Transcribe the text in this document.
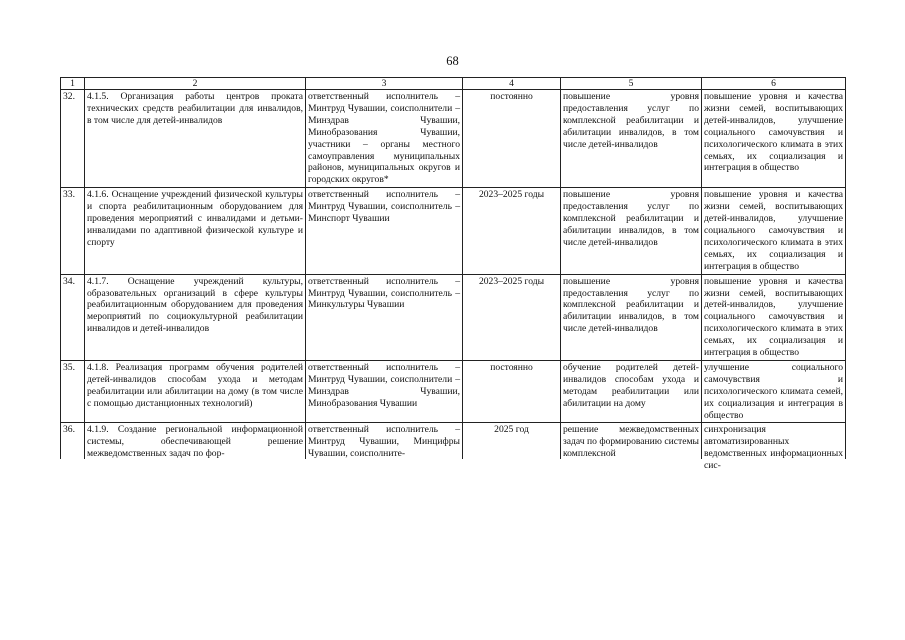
68
1	2	3	4	5	6
32.	4.1.5. Организация работы центров проката технических средств реабилитации для инвалидов, в том числе для детей-инвалидов	ответственный исполнитель – Минтруд Чувашии, соисполнители – Минздрав Чувашии, Минобразования Чувашии, участники – органы местного самоуправления муниципальных районов, муниципальных округов и городских округов*	постоянно	повышение уровня предоставления услуг по комплексной реабилитации и абилитации инвалидов, в том числе детей-инвалидов	повышение уровня и качества жизни семей, воспитывающих детей-инвалидов, улучшение социального самочувствия и психологического климата в этих семьях, их социализация и интеграция в общество
33.	4.1.6. Оснащение учреждений физической культуры и спорта реабилитационным оборудованием для проведения мероприятий с инвалидами и детьми-инвалидами по адаптивной физической культуре и спорту	ответственный исполнитель – Минтруд Чувашии, соисполнитель – Минспорт Чувашии	2023–2025 годы	повышение уровня предоставления услуг по комплексной реабилитации и абилитации инвалидов, в том числе детей-инвалидов	повышение уровня и качества жизни семей, воспитывающих детей-инвалидов, улучшение социального самочувствия и психологического климата в этих семьях, их социализация и интеграция в общество
34.	4.1.7. Оснащение учреждений культуры, образовательных организаций в сфере культуры реабилитационным оборудованием для проведения мероприятий по социокультурной реабилитации инвалидов и детей-инвалидов	ответственный исполнитель – Минтруд Чувашии, соисполнитель – Минкультуры Чувашии	2023–2025 годы	повышение уровня предоставления услуг по комплексной реабилитации и абилитации инвалидов, в том числе детей-инвалидов	повышение уровня и качества жизни семей, воспитывающих детей-инвалидов, улучшение социального самочувствия и психологического климата в этих семьях, их социализация и интеграция в общество
35.	4.1.8. Реализация программ обучения родителей детей-инвалидов способам ухода и методам реабилитации или абилитации на дому (в том числе с помощью дистанционных технологий)	ответственный исполнитель – Минтруд Чувашии, соисполнители – Минздрав Чувашии, Минобразования Чувашии	постоянно	обучение родителей детей-инвалидов способам ухода и методам реабилитации или абилитации на дому	улучшение социального самочувствия и психологического климата семей, их социализация и интеграция в общество

36.	4.1.9. Создание региональной информационной системы, обеспечивающей решение межведомственных задач по фор-	ответственный исполнитель – Минтруд Чувашии, Минцифры Чувашии, соисполните-	2025 год	решение межведомственных задач по формированию системы комплексной	синхронизация автоматизированных ведомственных информационных сис-
